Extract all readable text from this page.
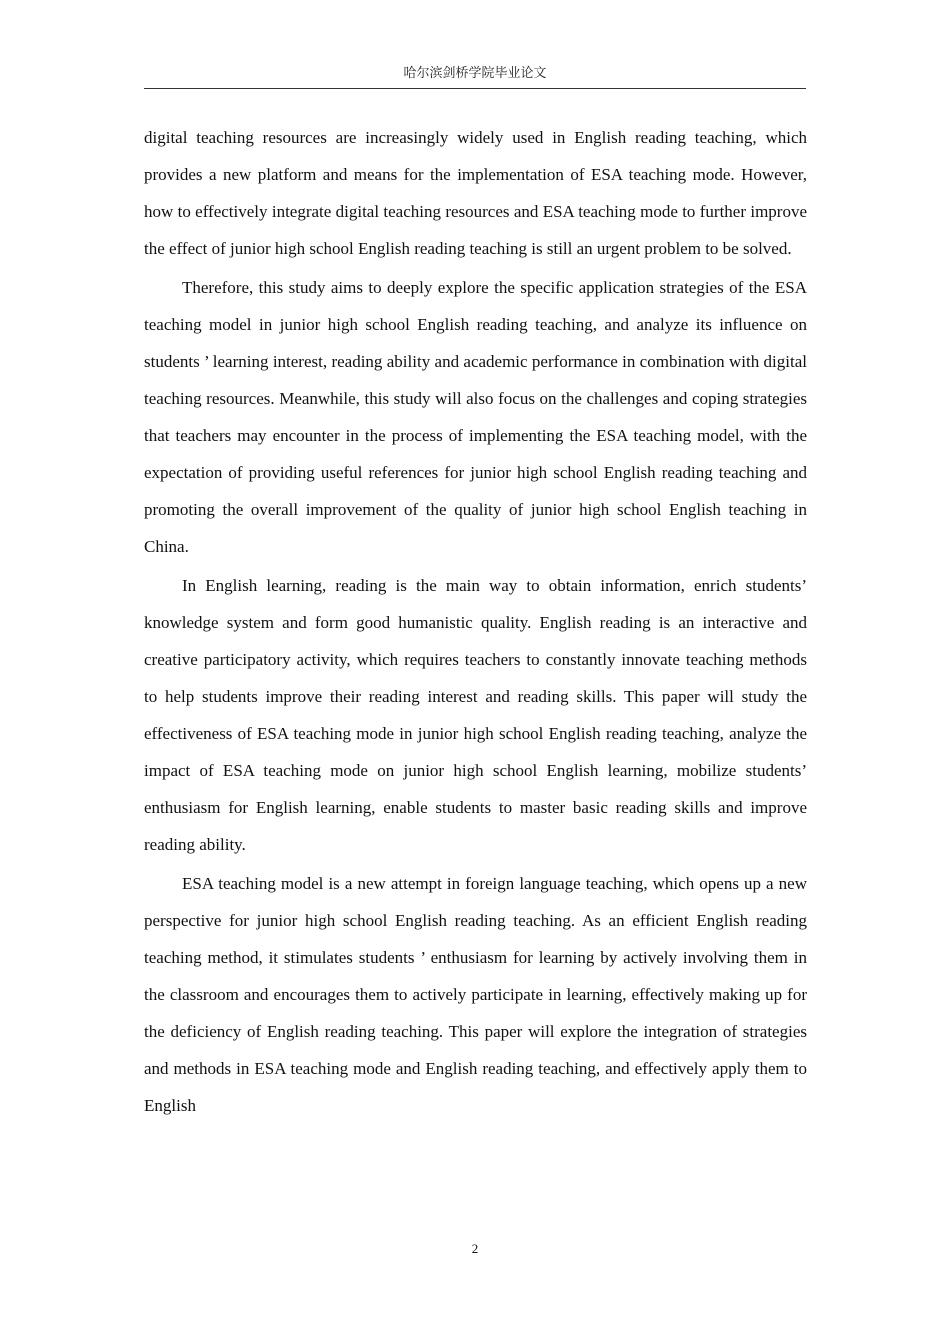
哈尔滨剑桥学院毕业论文

digital teaching resources are increasingly widely used in English reading teaching, which provides a new platform and means for the implementation of ESA teaching mode. However, how to effectively integrate digital teaching resources and ESA teaching mode to further improve the effect of junior high school English reading teaching is still an urgent problem to be solved.

Therefore, this study aims to deeply explore the specific application strategies of the ESA teaching model in junior high school English reading teaching, and analyze its influence on students ’ learning interest, reading ability and academic performance in combination with digital teaching resources. Meanwhile, this study will also focus on the challenges and coping strategies that teachers may encounter in the process of implementing the ESA teaching model, with the expectation of providing useful references for junior high school English reading teaching and promoting the overall improvement of the quality of junior high school English teaching in China.

In English learning, reading is the main way to obtain information, enrich students’ knowledge system and form good humanistic quality. English reading is an interactive and creative participatory activity, which requires teachers to constantly innovate teaching methods to help students improve their reading interest and reading skills. This paper will study the effectiveness of ESA teaching mode in junior high school English reading teaching, analyze the impact of ESA teaching mode on junior high school English learning, mobilize students’ enthusiasm for English learning, enable students to master basic reading skills and improve reading ability.

ESA teaching model is a new attempt in foreign language teaching, which opens up a new perspective for junior high school English reading teaching. As an efficient English reading teaching method, it stimulates students ’ enthusiasm for learning by actively involving them in the classroom and encourages them to actively participate in learning, effectively making up for the deficiency of English reading teaching. This paper will explore the integration of strategies and methods in ESA teaching mode and English reading teaching, and effectively apply them to English

2
